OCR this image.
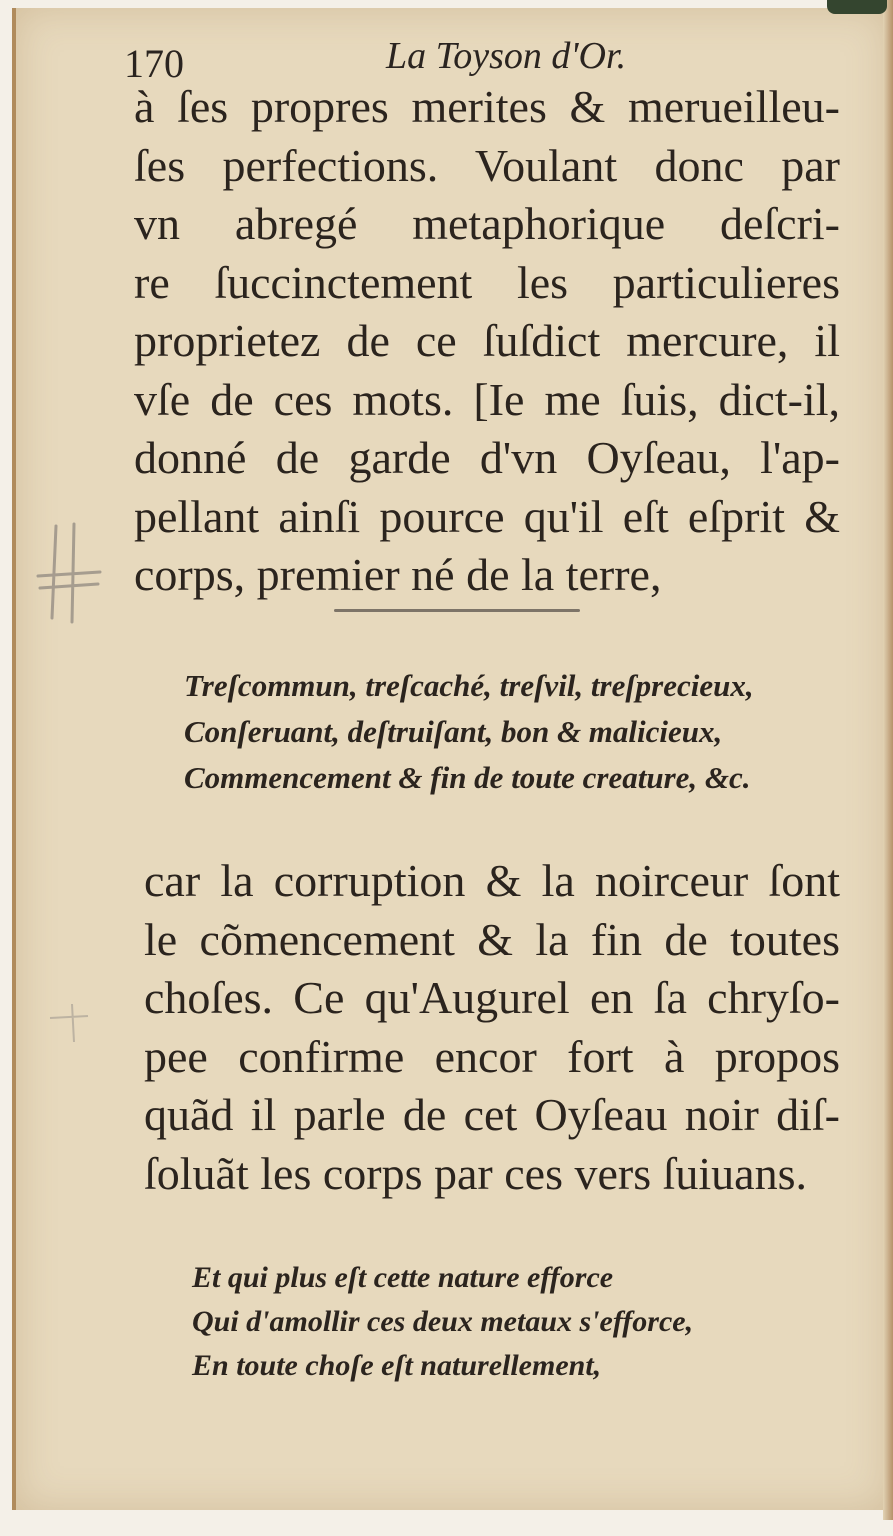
170	La Toyson d'Or.

à ſes propres merites & merueilleu-
ſes perfections. Voulant donc par
vn abregé metaphorique deſcri-
re ſuccinctement les particulieres
proprietez de ce ſuſdict mercure, il
vſe de ces mots. [Ie me ſuis, dict-il,
donné de garde d'vn Oyſeau, l'ap-
pellant ainſi pource qu'il eſt eſprit &
corps, premier né de la terre,

Treſcommun, treſcaché, treſvil, treſprecieux,
Conſeruant, deſtruiſant, bon & malicieux,
Commencement & fin de toute creature, &c.

car la corruption & la noirceur ſont
le cõmencement & la fin de toutes
choſes. Ce qu'Augurel en ſa chryſo-
pee confirme encor fort à propos
quãd il parle de cet Oyſeau noir diſ-
ſoluãt les corps par ces vers ſuiuans.

Et qui plus eſt cette nature efforce
Qui d'amollir ces deux metaux s'efforce,
En toute choſe eſt naturellement,
